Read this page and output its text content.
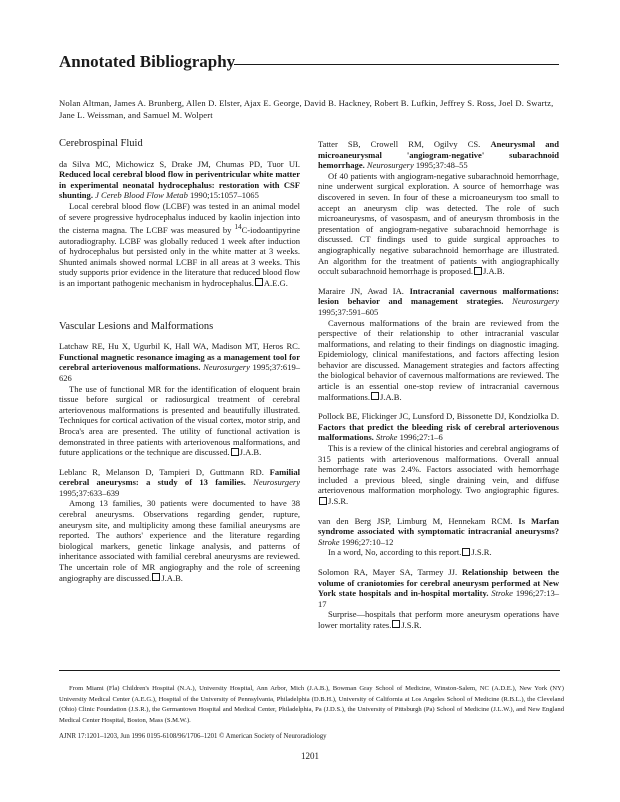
Annotated Bibliography
Nolan Altman, James A. Brunberg, Allen D. Elster, Ajax E. George, David B. Hackney, Robert B. Lufkin, Jeffrey S. Ross, Joel D. Swartz, Jane L. Weissman, and Samuel M. Wolpert
Cerebrospinal Fluid

da Silva MC, Michowicz S, Drake JM, Chumas PD, Tuor UI. Reduced local cerebral blood flow in periventricular white matter in experimental neonatal hydrocephalus: restoration with CSF shunting. J Cereb Blood Flow Metab 1990;15:1057–1065

Local cerebral blood flow (LCBF) was tested in an animal model of severe progressive hydrocephalus induced by kaolin injection into the cisterna magna. The LCBF was measured by $^{14}$C-iodoantipyrine autoradiography. LCBF was globally reduced 1 week after induction of hydrocephalus but persisted only in the white matter at 3 weeks. Shunted animals showed normal LCBF in all areas at 3 weeks. This study supports prior evidence in the literature that reduced blood flow is an important pathogenic mechanism in hydrocephalus. A.E.G.

Vascular Lesions and Malformations

Latchaw RE, Hu X, Ugurbil K, Hall WA, Madison MT, Heros RC. Functional magnetic resonance imaging as a management tool for cerebral arteriovenous malformations. Neurosurgery 1995;37:619–626

The use of functional MR for the identification of eloquent brain tissue before surgical or radiosurgical treatment of cerebral arteriovenous malformations is presented and beautifully illustrated. Techniques for cortical activation of the visual cortex, motor strip, and Broca's area are presented. The utility of functional activation is demonstrated in three patients with arteriovenous malformations, and future applications or the technique are discussed. J.A.B.

Leblanc R, Melanson D, Tampieri D, Guttmann RD. Familial cerebral aneurysms: a study of 13 families. Neurosurgery 1995;37:633–639

Among 13 families, 30 patients were documented to have 38 cerebral aneurysms. Observations regarding gender, rupture, aneurysm site, and multiplicity among these familial aneurysms are reported. The authors' experience and the literature regarding biological markers, genetic linkage analysis, and patterns of inheritance associated with familial cerebral aneurysms are reviewed. The uncertain role of MR angiography and the role of screening angiography are discussed. J.A.B.

Tatter SB, Crowell RM, Ogilvy CS. Aneurysmal and microaneurysmal 'angiogram-negative' subarachnoid hemorrhage. Neurosurgery 1995;37:48–55

Of 40 patients with angiogram-negative subarachnoid hemorrhage, nine underwent surgical exploration. A source of hemorrhage was discovered in seven. In four of these a microaneurysm too small to accept an aneurysm clip was detected. The role of such microaneurysms, of vasospasm, and of aneurysm thrombosis in the presentation of angiogram-negative subarachnoid hemorrhage is discussed. CT findings used to guide surgical approaches to angiographically negative subarachnoid hemorrhage are illustrated. An algorithm for the treatment of patients with angiographically occult subarachnoid hemorrhage is proposed. J.A.B.

Maraire JN, Awad IA. Intracranial cavernous malformations: lesion behavior and management strategies. Neurosurgery 1995;37:591–605

Cavernous malformations of the brain are reviewed from the perspective of their relationship to other intracranial vascular malformations, and relating to their findings on diagnostic imaging. Epidemiology, clinical manifestations, and factors affecting lesion behavior are discussed. Management strategies and factors affecting the biological behavior of cavernous malformations are reviewed. The article is an essential one-stop review of intracranial cavernous malformations. J.A.B.

Pollock BE, Flickinger JC, Lunsford D, Bissonette DJ, Kondziolka D. Factors that predict the bleeding risk of cerebral arteriovenous malformations. Stroke 1996;27:1–6

This is a review of the clinical histories and cerebral angiograms of 315 patients with arteriovenous malformations. Overall annual hemorrhage rate was 2.4%. Factors associated with hemorrhage included a previous bleed, single draining vein, and diffuse arteriovenous malformation morphology. Two angiographic figures.J.S.R.

van den Berg JSP, Limburg M, Hennekam RCM. Is Marfan syndrome associated with symptomatic intracranial aneurysms? Stroke 1996;27:10–12

In a word, No, according to this report. J.S.R.

Solomon RA, Mayer SA, Tarmey JJ. Relationship between the volume of craniotomies for cerebral aneurysm performed at New York state hospitals and in-hospital mortality. Stroke 1996;27:13–17

Surprise—hospitals that perform more aneurysm operations have lower mortality rates. J.S.R.

From Miami (Fla) Children's Hospital (N.A.), University Hospital, Ann Arbor, Mich (J.A.B.), Bowman Gray School of Medicine, Winston-Salem, NC (A.D.E.), New York (NY) University Medical Center (A.E.G.), Hospital of the University of Pennsylvania, Philadelphia (D.B.H.), University of California at Los Angeles School of Medicine (R.B.L.), the Cleveland (Ohio) Clinic Foundation (J.S.R.), the Germantown Hospital and Medical Center, Philadelphia, Pa (J.D.S.), the University of Pittsburgh (Pa) School of Medicine (J.L.W.), and New England Medical Center Hospital, Boston, Mass (S.M.W.).

AJNR 17:1201–1203, Jun 1996 0195-6108/96/1706–1201 © American Society of Neuroradiology
1201
